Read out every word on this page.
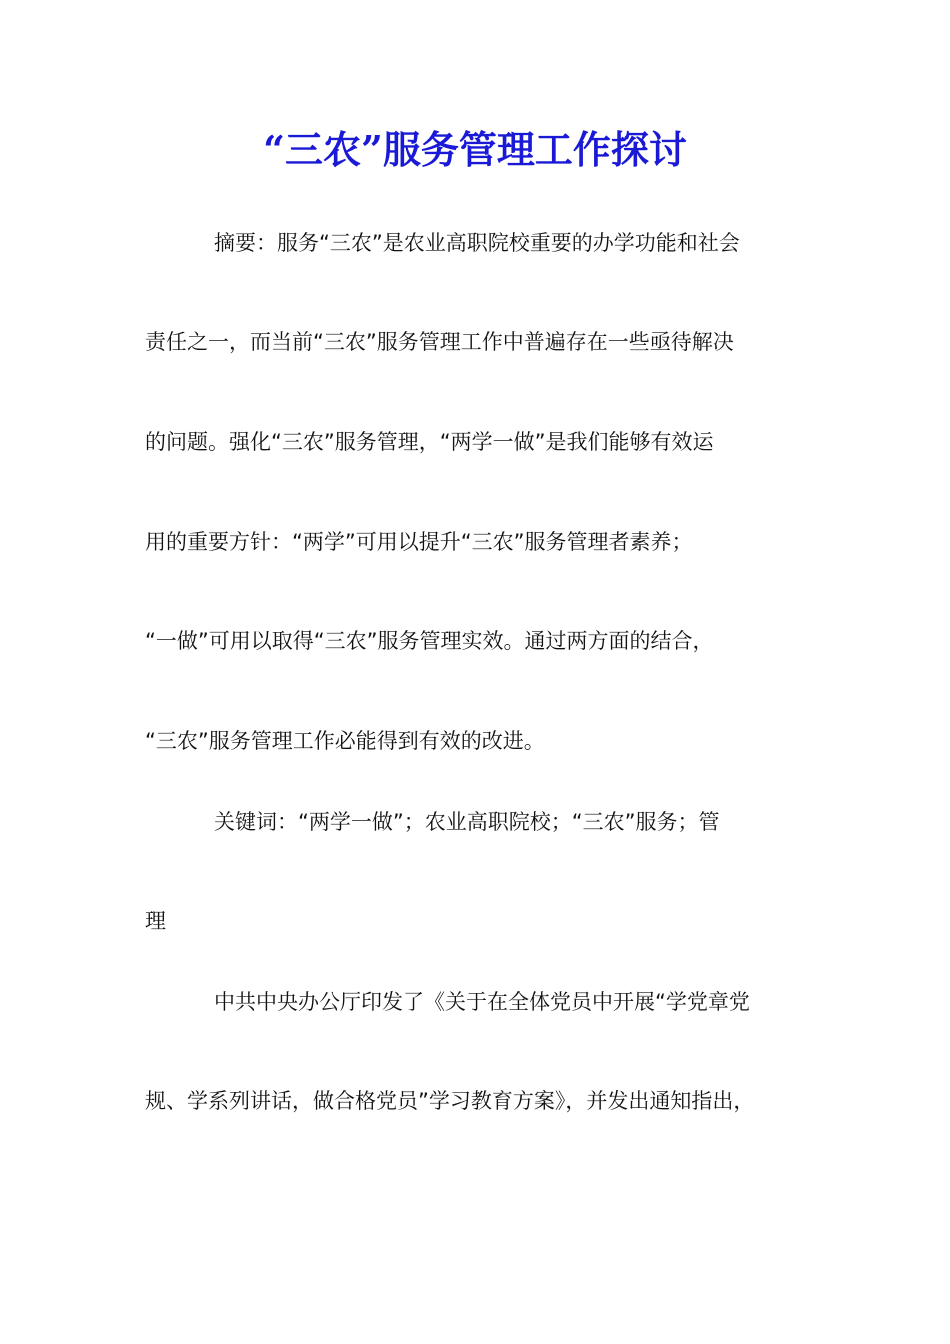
“三农”服务管理工作探讨
摘要：服务“三农”是农业高职院校重要的办学功能和社会
责任之一，而当前“三农”服务管理工作中普遍存在一些亟待解决
的问题。强化“三农”服务管理，“两学一做”是我们能够有效运
用的重要方针：“两学”可用以提升“三农”服务管理者素养；
“一做”可用以取得“三农”服务管理实效。通过两方面的结合，
“三农”服务管理工作必能得到有效的改进。
关键词：“两学一做”；农业高职院校；“三农”服务；管
理
中共中央办公厅印发了《关于在全体党员中开展“学党章党
规、学系列讲话，做合格党员”学习教育方案》，并发出通知指出，
